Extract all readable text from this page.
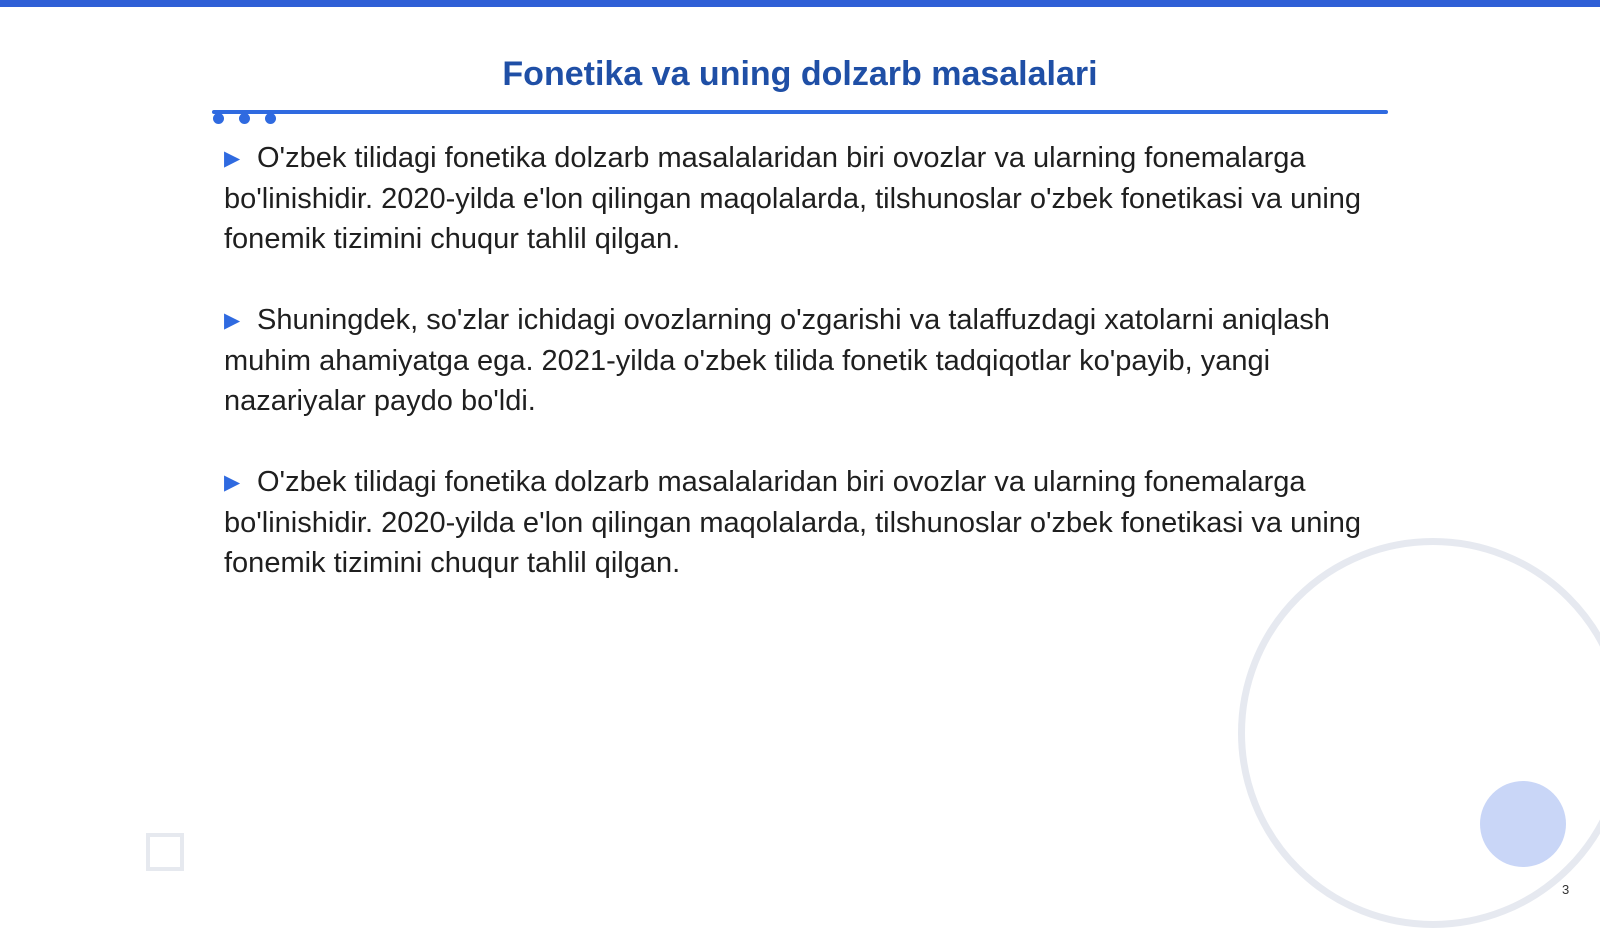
Fonetika va uning dolzarb masalalari

▶ O'zbek tilidagi fonetika dolzarb masalalaridan biri ovozlar va ularning fonemalarga bo'linishidir. 2020-yilda e'lon qilingan maqolalarda, tilshunoslar o'zbek fonetikasi va uning fonemik tizimini chuqur tahlil qilgan.

▶ Shuningdek, so'zlar ichidagi ovozlarning o'zgarishi va talaffuzdagi xatolarni aniqlash muhim ahamiyatga ega. 2021-yilda o'zbek tilida fonetik tadqiqotlar ko'payib, yangi nazariyalar paydo bo'ldi.

▶ O'zbek tilidagi fonetika dolzarb masalalaridan biri ovozlar va ularning fonemalarga bo'linishidir. 2020-yilda e'lon qilingan maqolalarda, tilshunoslar o'zbek fonetikasi va uning fonemik tizimini chuqur tahlil qilgan.

3
